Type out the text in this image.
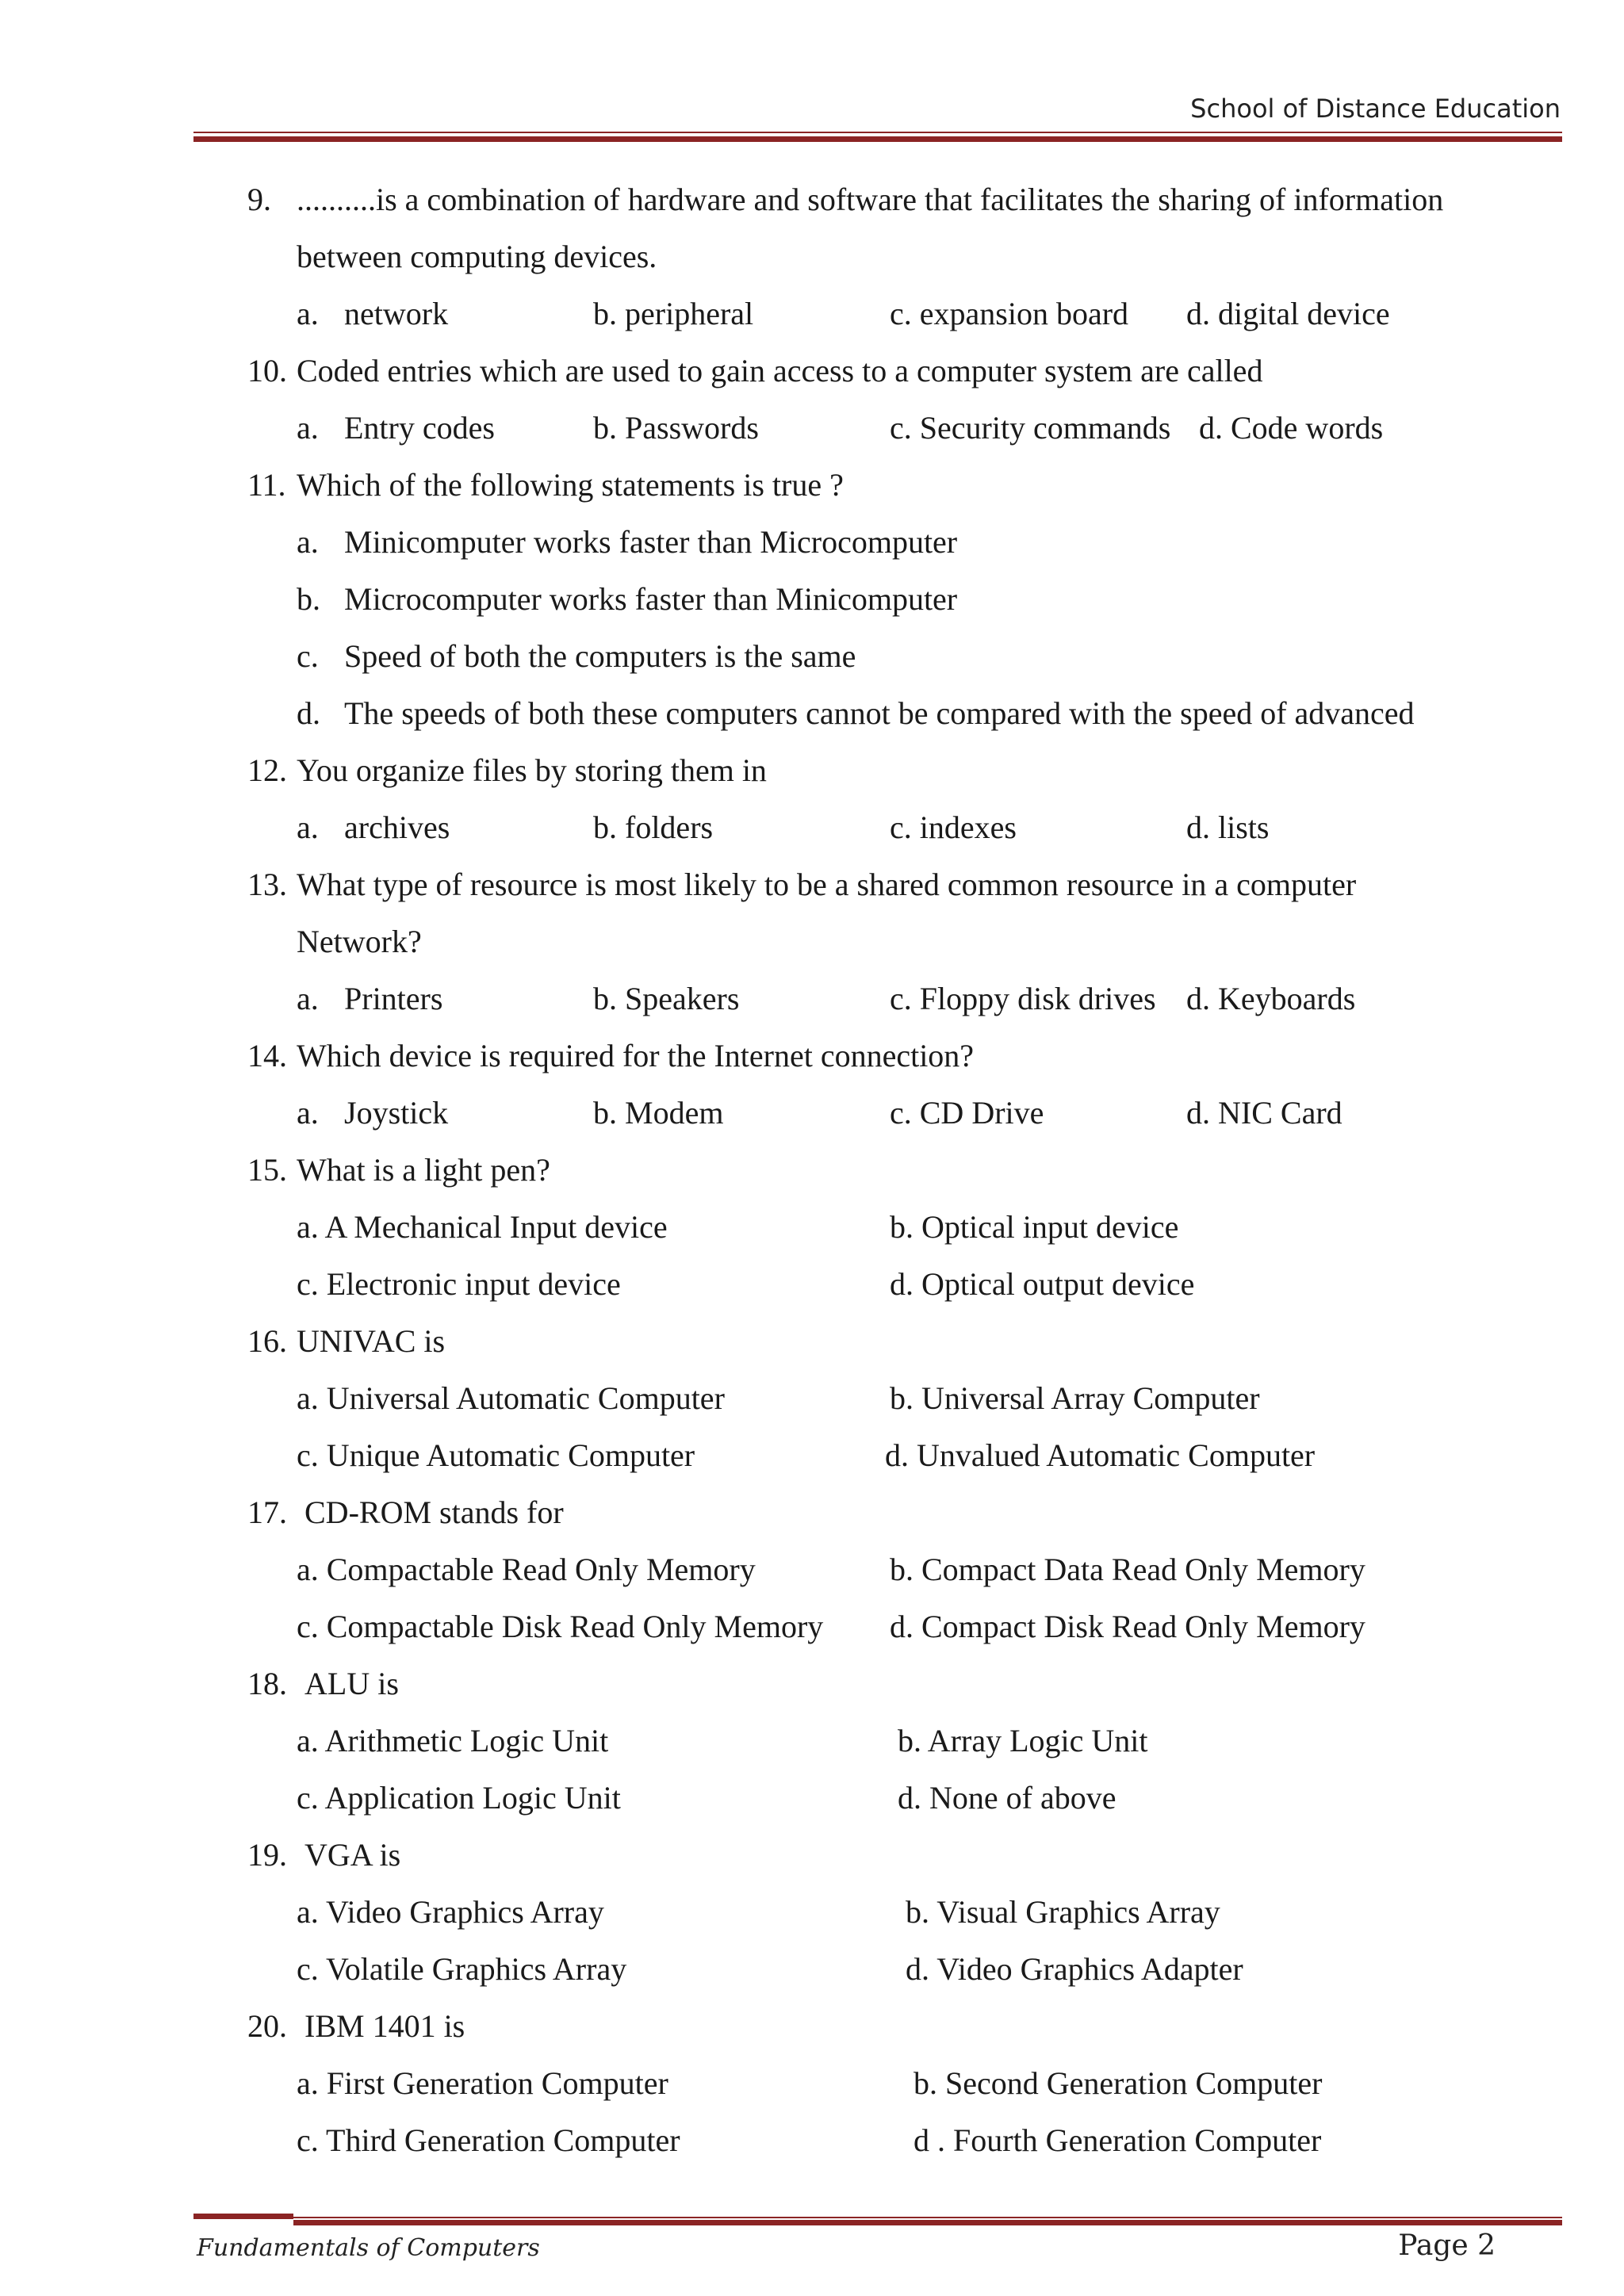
School of Distance Education
9. ..........is a combination of hardware and software that facilitates the sharing of information
between computing devices.
a. network	b. peripheral	c. expansion board d. digital device
10. Coded entries which are used to gain access to a computer system are called
a. Entry codes	b. Passwords	c. Security commands d. Code words
11. Which of the following statements is true ?
a. Minicomputer works faster than Microcomputer
b. Microcomputer works faster than Minicomputer
c. Speed of both the computers is the same
d. The speeds of both these computers cannot be compared with the speed of advanced
12. You organize files by storing them in
a. archives	b. folders	c. indexes	d. lists
13. What type of resource is most likely to be a shared common resource in a computer
Network?
a. Printers	b. Speakers	c. Floppy disk drives d. Keyboards
14. Which device is required for the Internet connection?
a. Joystick	b. Modem	c. CD Drive	d. NIC Card
15. What is a light pen?
a. A Mechanical Input device	b. Optical input device
c. Electronic input device	d. Optical output device
16. UNIVAC is
a. Universal Automatic Computer	b. Universal Array Computer
c. Unique Automatic Computer	d. Unvalued Automatic Computer
17. CD-ROM stands for
a. Compactable Read Only Memory	b. Compact Data Read Only Memory
c. Compactable Disk Read Only Memory d. Compact Disk Read Only Memory
18. ALU is
a. Arithmetic Logic Unit	b. Array Logic Unit
c. Application Logic Unit	d. None of above
19. VGA is
a. Video Graphics Array	b. Visual Graphics Array
c. Volatile Graphics Array	d. Video Graphics Adapter
20. IBM 1401 is
a. First Generation Computer	b. Second Generation Computer
c. Third Generation Computer	d . Fourth Generation Computer
Fundamentals of Computers	Page 2
